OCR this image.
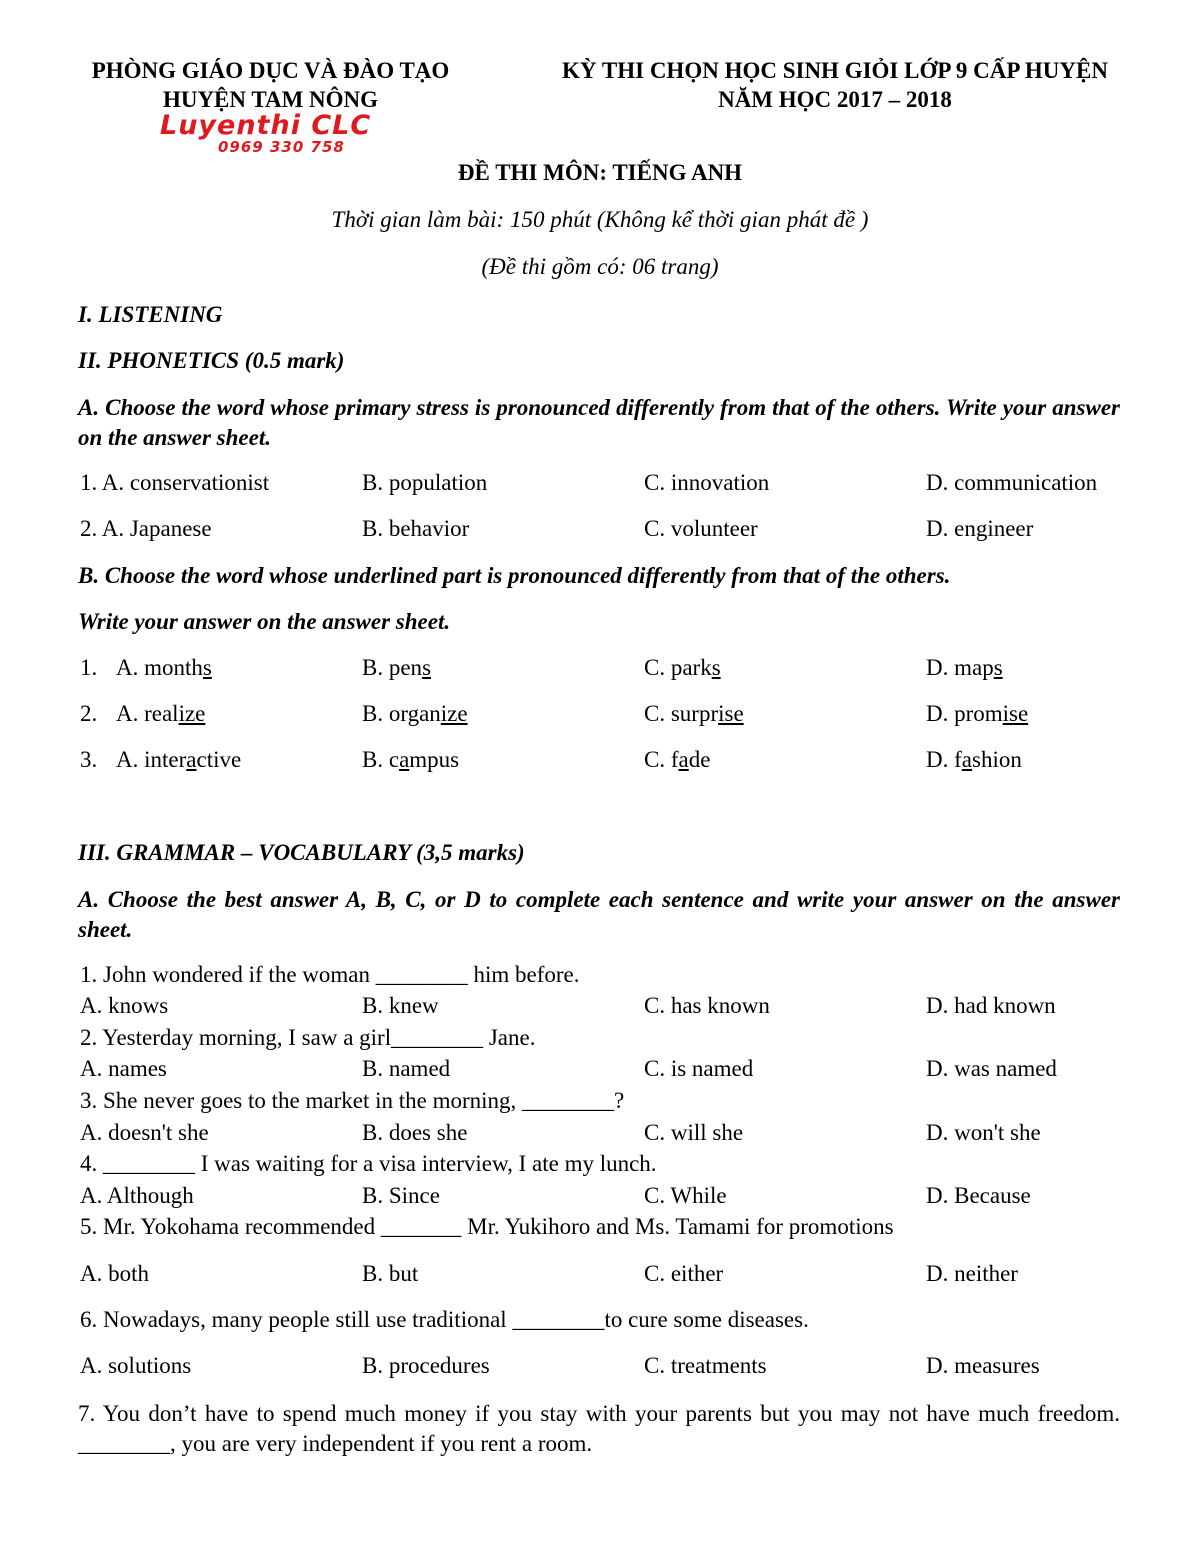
PHÒNG GIÁO DỤC VÀ ĐÀO TẠO
HUYỆN TAM NÔNG
KỲ THI CHỌN HỌC SINH GIỎI LỚP 9 CẤP HUYỆN
NĂM HỌC 2017 – 2018
Luyenthi CLC
0969 330 758
ĐỀ THI MÔN: TIẾNG ANH
Thời gian làm bài: 150 phút (Không kể thời gian phát đề )
(Đề thi gồm có: 06 trang)
I. LISTENING
II. PHONETICS (0.5 mark)
A. Choose the word whose primary stress is pronounced differently from that of the others. Write your answer on the answer sheet.
1. A. conservationist	B. population	C. innovation	D. communication
2. A. Japanese	B. behavior	C. volunteer	D. engineer
B. Choose the word whose underlined part is pronounced differently from that of the others.
Write your answer on the answer sheet.
1. A. months	B. pens	C. parks	D. maps
2. A. realize	B. organize	C. surprise	D. promise
3. A. interactive	B. campus	C. fade	D. fashion
III. GRAMMAR – VOCABULARY (3,5 marks)
A. Choose the best answer A, B, C, or D to complete each sentence and write your answer on the answer sheet.
1. John wondered if the woman ________ him before.
A. knows	B. knew	C. has known	D. had known
2. Yesterday morning, I saw a girl________ Jane.
A. names	B. named	C. is named	D. was named
3. She never goes to the market in the morning, ________?
A. doesn't she	B. does she	C. will she	D. won't she
4. ________ I was waiting for a visa interview, I ate my lunch.
A. Although	B. Since	C. While	D. Because
5. Mr. Yokohama recommended _______ Mr. Yukihoro and Ms. Tamami for promotions
A. both	B. but	C. either	D. neither
6. Nowadays, many people still use traditional ________to cure some diseases.
A. solutions	B. procedures	C. treatments	D. measures
7. You don’t have to spend much money if you stay with your parents but you may not have much freedom. ________, you are very independent if you rent a room.
